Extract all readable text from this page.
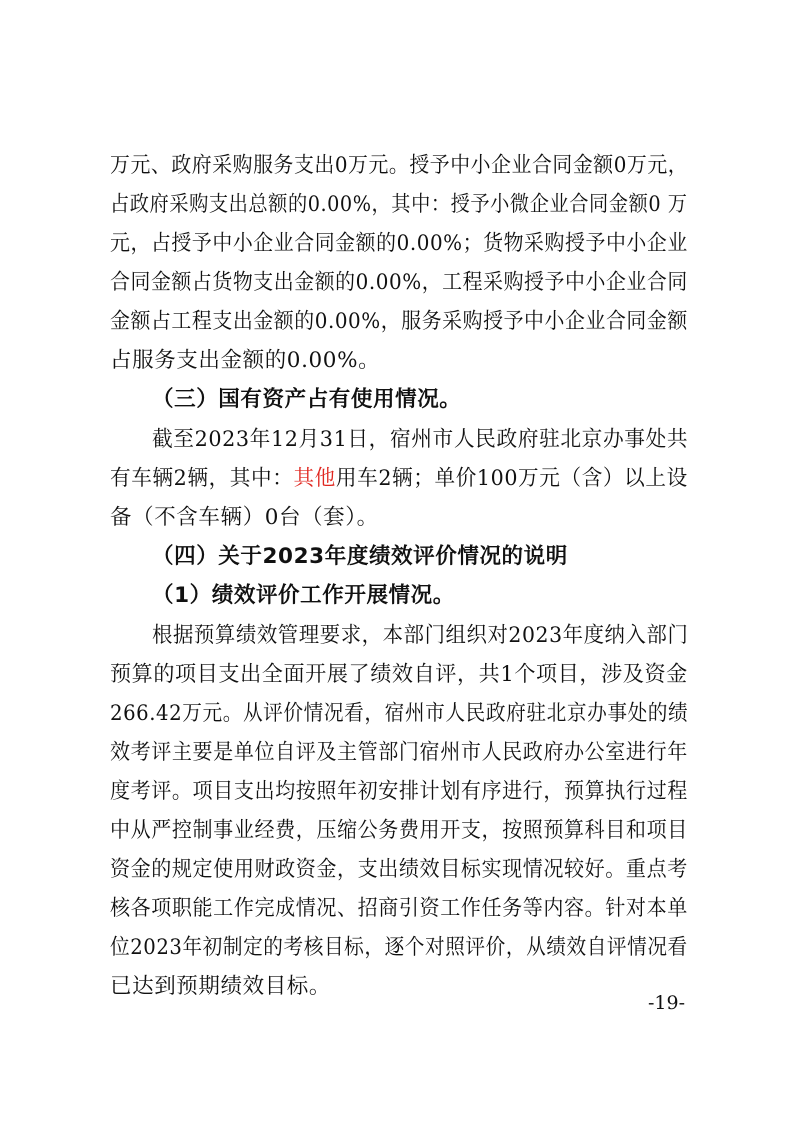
万元、政府采购服务支出0万元。授予中小企业合同金额0万元，
占政府采购支出总额的0.00%，其中：授予小微企业合同金额0 万
元，占授予中小企业合同金额的0.00%；货物采购授予中小企业
合同金额占货物支出金额的0.00%，工程采购授予中小企业合同
金额占工程支出金额的0.00%，服务采购授予中小企业合同金额
占服务支出金额的0.00%。
（三）国有资产占有使用情况。
截至2023年12月31日，宿州市人民政府驻北京办事处共
有车辆2辆，其中：其他用车2辆；单价100万元（含）以上设
备（不含车辆）0台（套）。
（四）关于2023年度绩效评价情况的说明
（1）绩效评价工作开展情况。
根据预算绩效管理要求，本部门组织对2023年度纳入部门
预算的项目支出全面开展了绩效自评，共1个项目，涉及资金
266.42万元。从评价情况看，宿州市人民政府驻北京办事处的绩
效考评主要是单位自评及主管部门宿州市人民政府办公室进行年
度考评。项目支出均按照年初安排计划有序进行，预算执行过程
中从严控制事业经费，压缩公务费用开支，按照预算科目和项目
资金的规定使用财政资金，支出绩效目标实现情况较好。重点考
核各项职能工作完成情况、招商引资工作任务等内容。针对本单
位2023年初制定的考核目标，逐个对照评价，从绩效自评情况看
已达到预期绩效目标。
-19-
